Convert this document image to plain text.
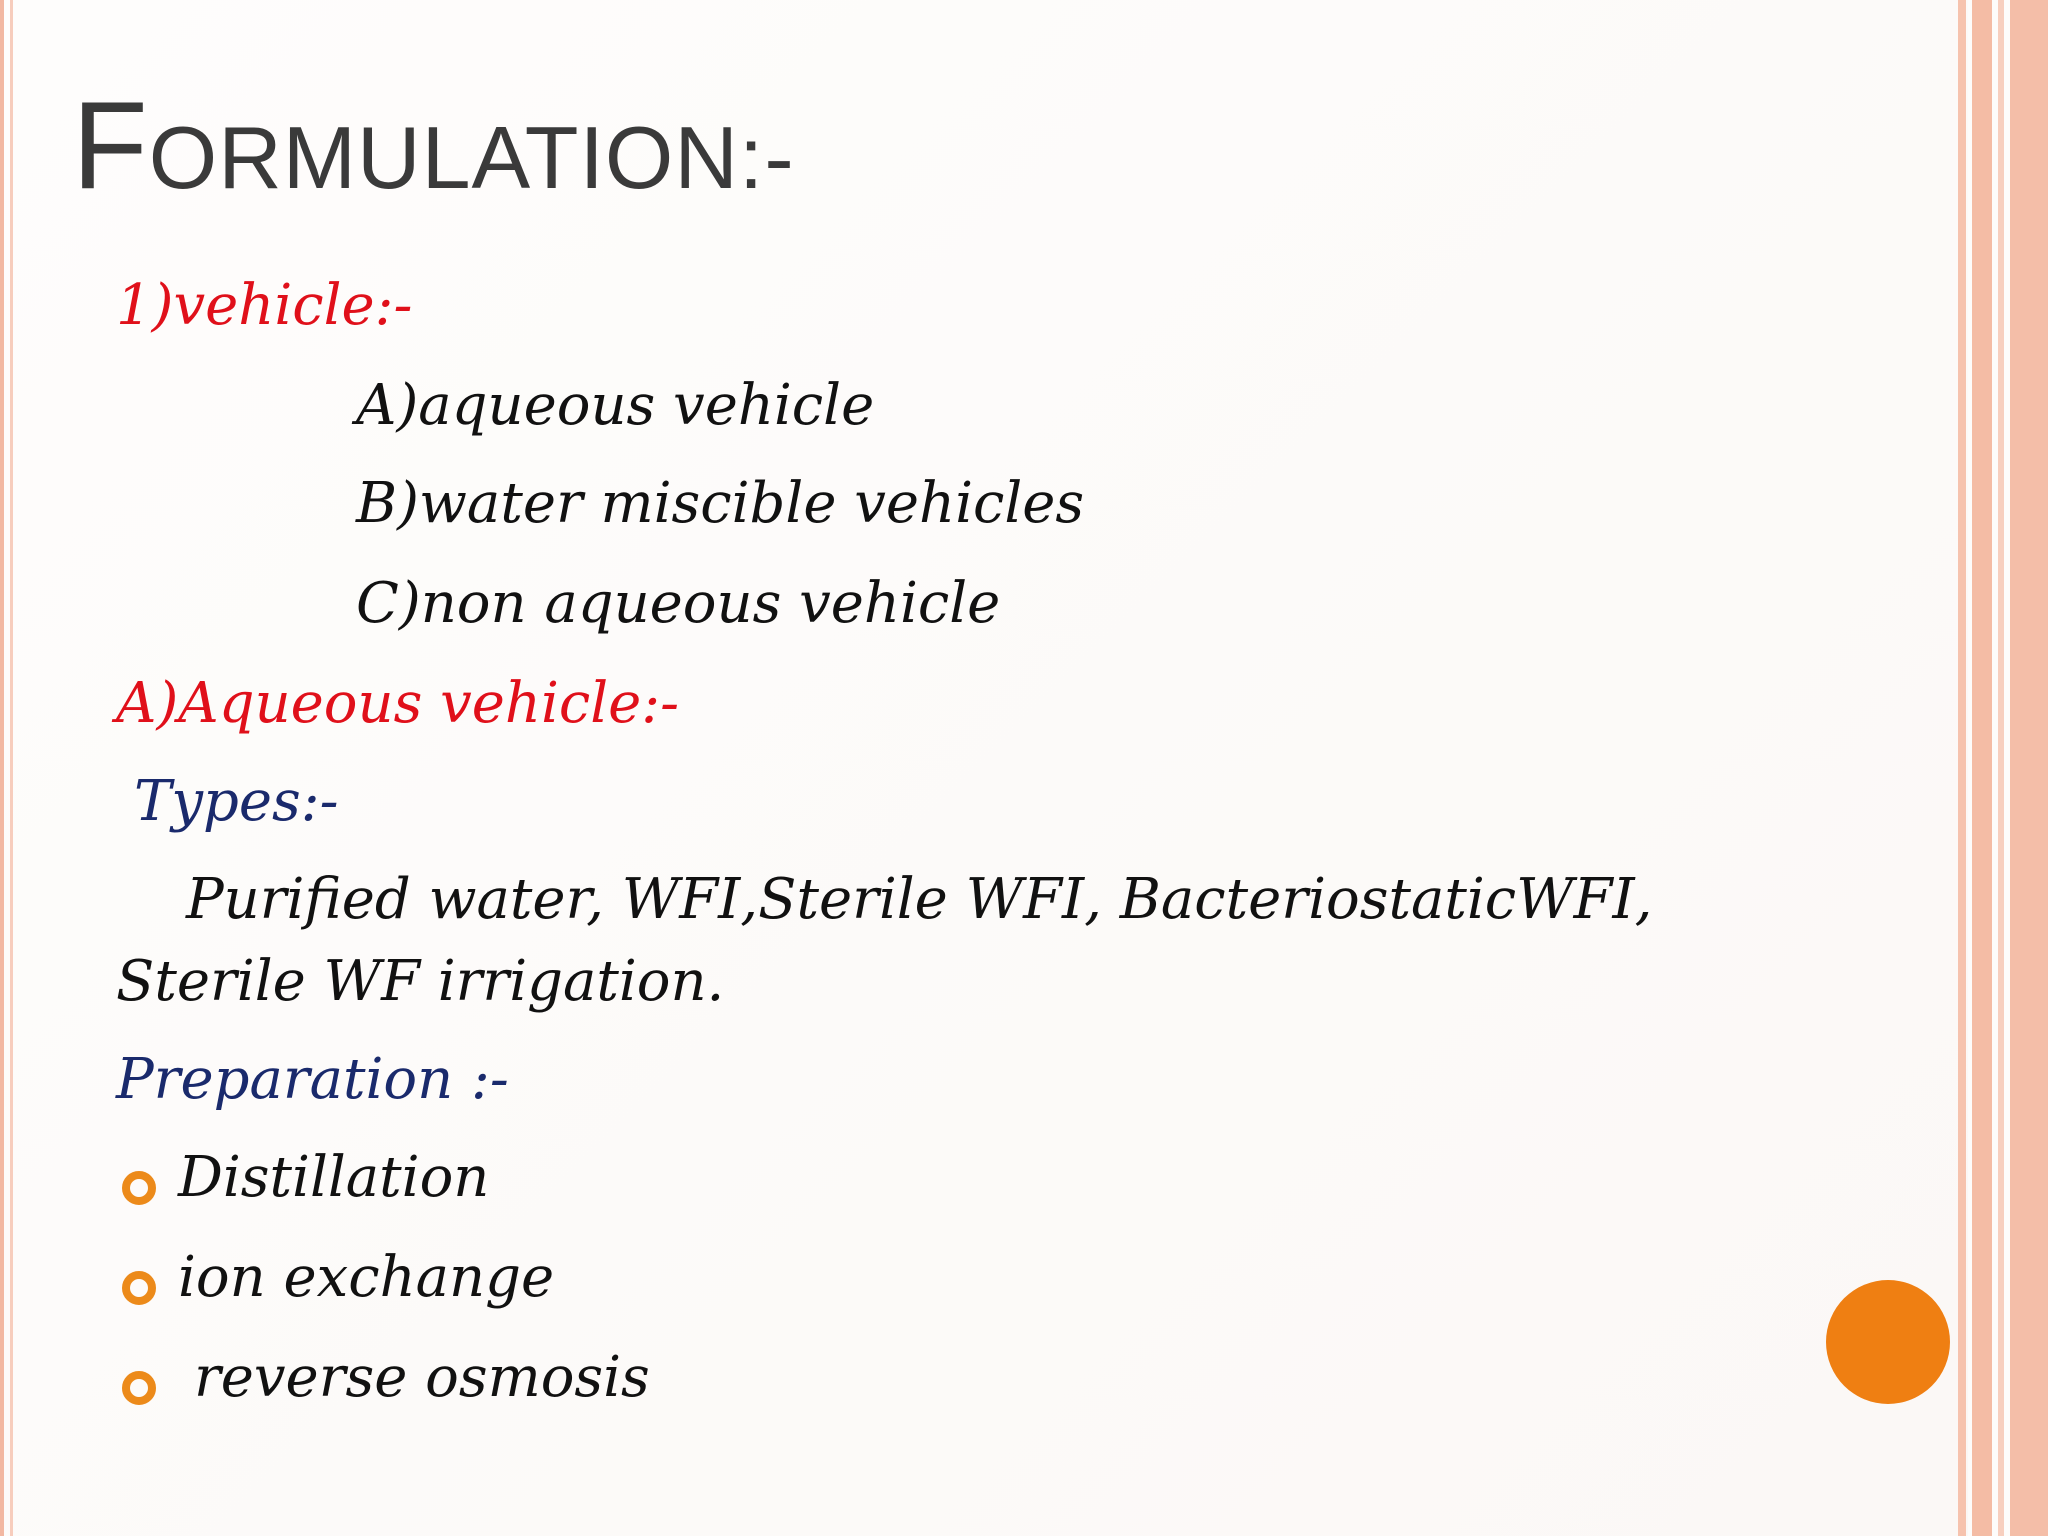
FORMULATION:-
1)vehicle:-
A)aqueous vehicle
B)water miscible vehicles
C)non aqueous vehicle
A)Aqueous vehicle:-
Types:-
Purified water, WFI,Sterile WFI, BacteriostaticWFI,
Sterile WF irrigation.
Preparation :-
Distillation
ion exchange
reverse osmosis
